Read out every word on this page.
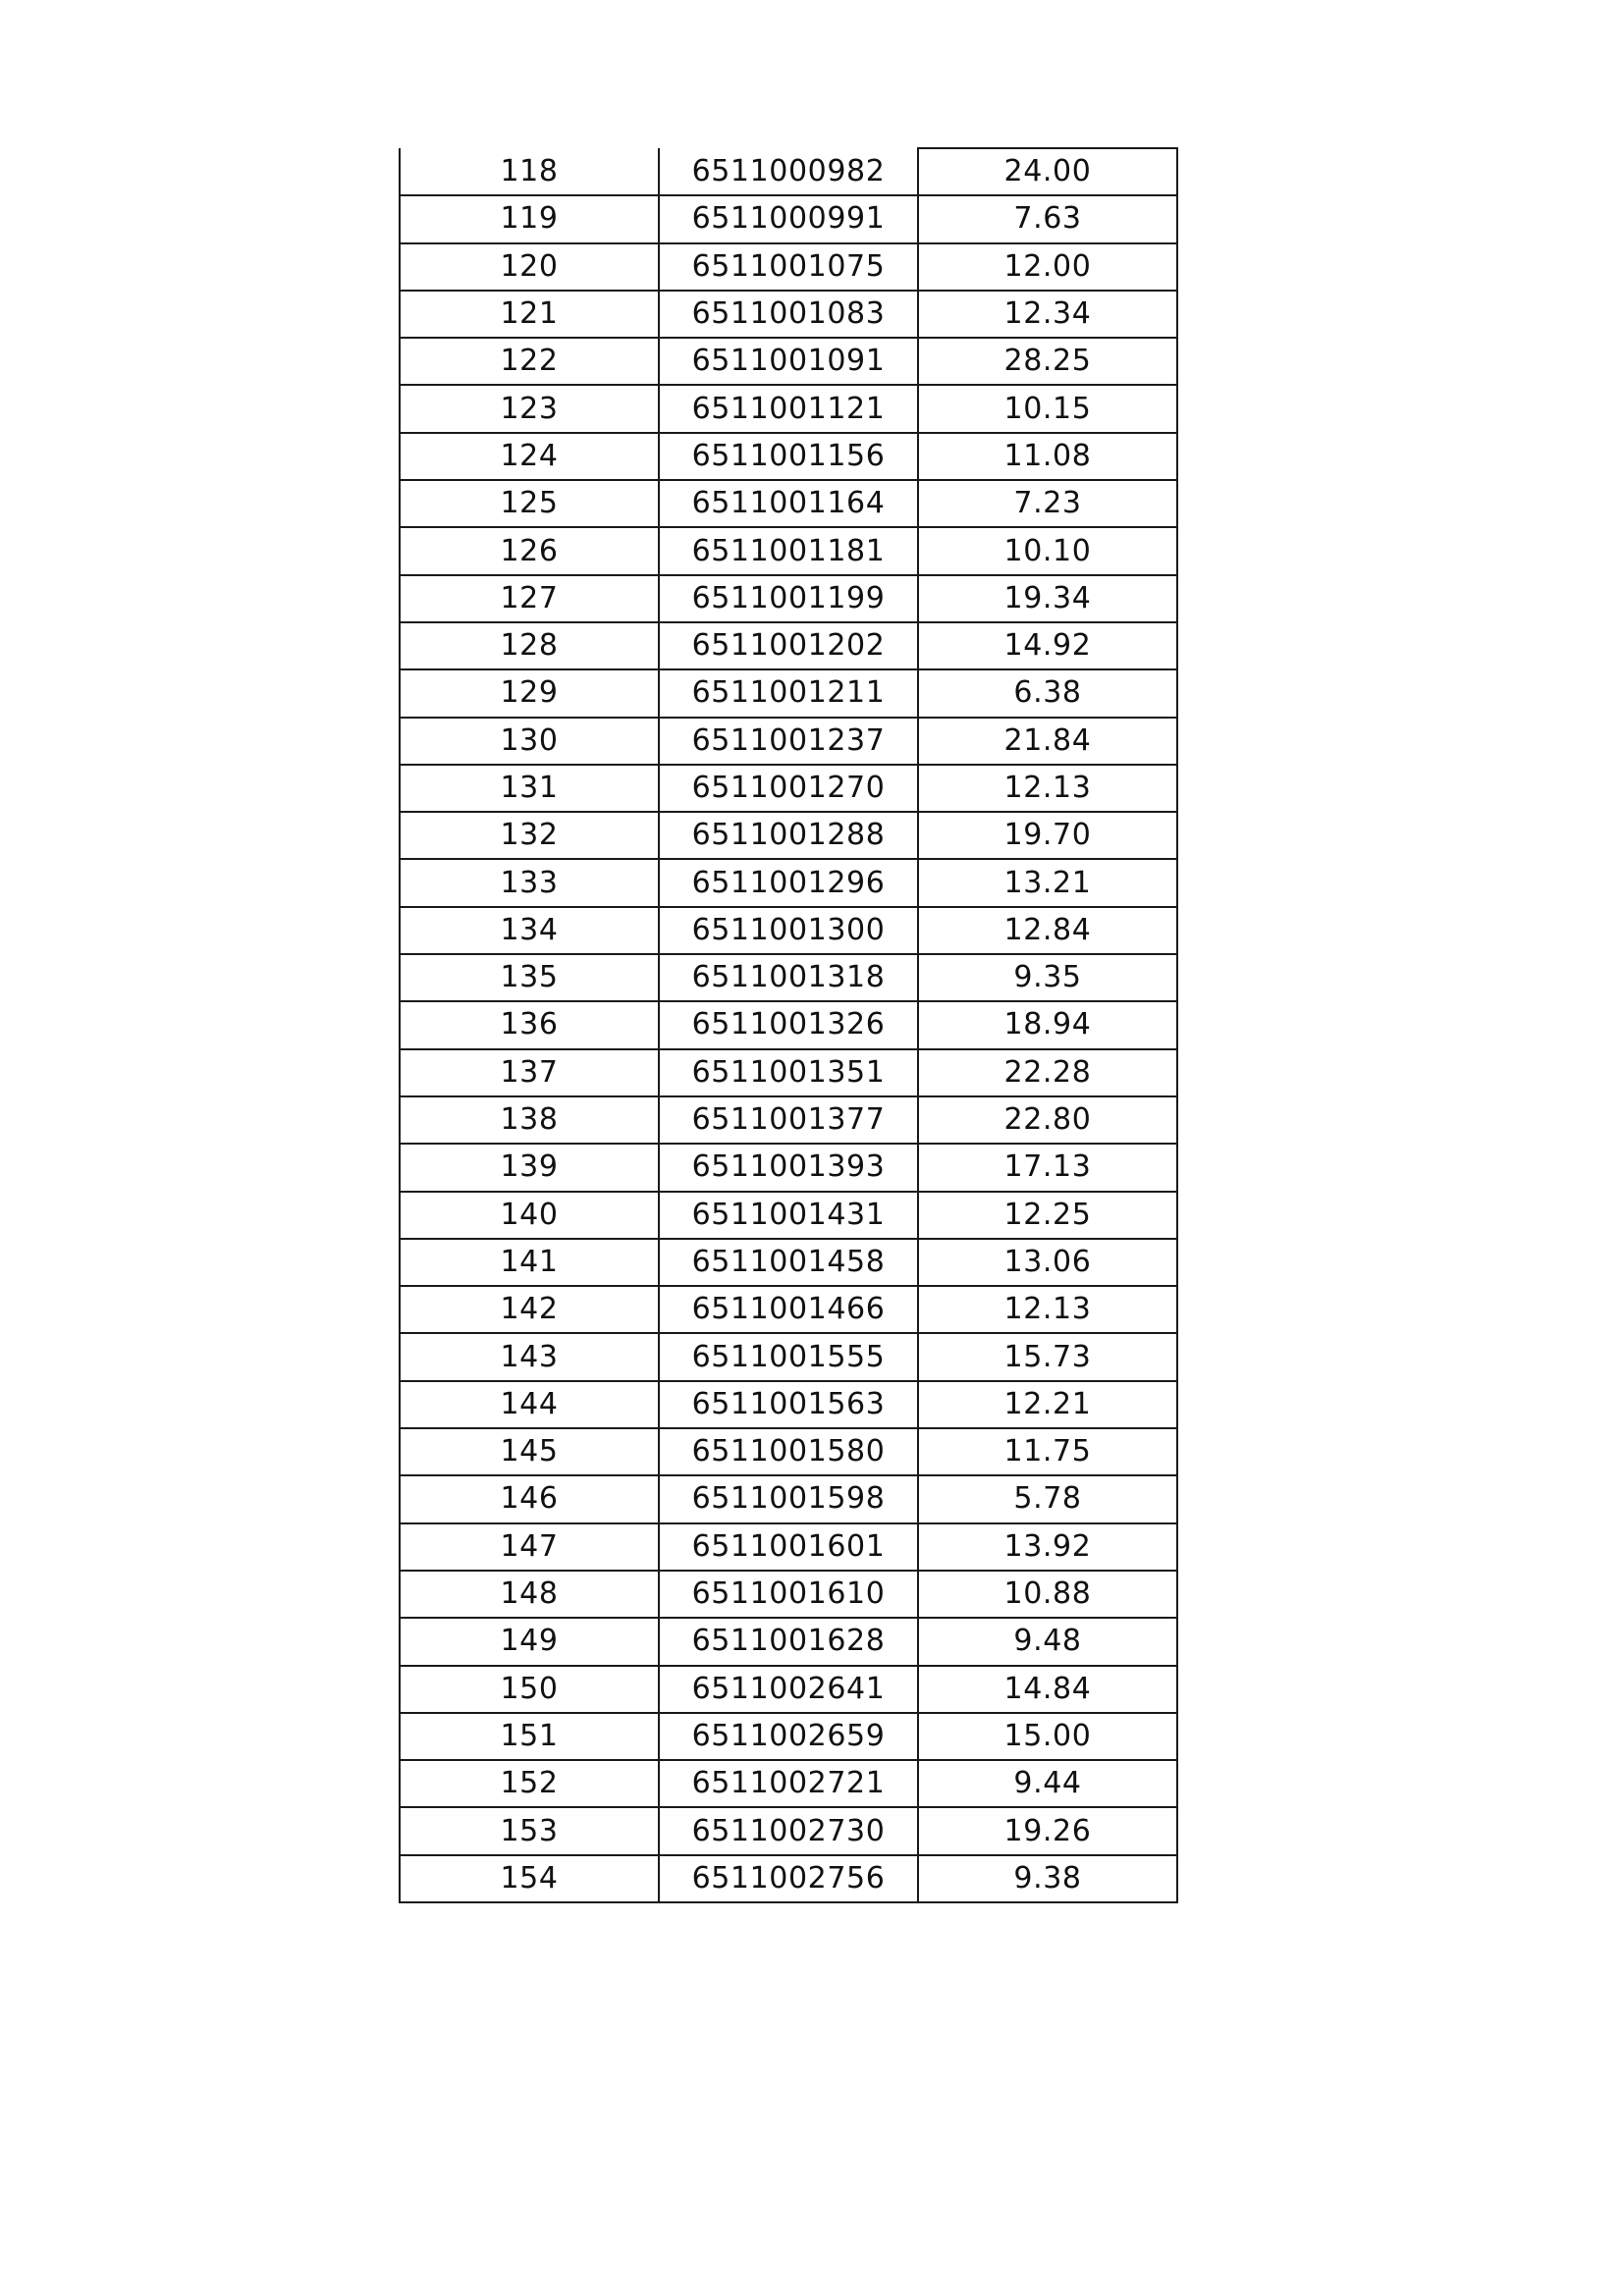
118	6511000982	24.00
119	6511000991	7.63
120	6511001075	12.00
121	6511001083	12.34
122	6511001091	28.25
123	6511001121	10.15
124	6511001156	11.08
125	6511001164	7.23
126	6511001181	10.10
127	6511001199	19.34
128	6511001202	14.92
129	6511001211	6.38
130	6511001237	21.84
131	6511001270	12.13
132	6511001288	19.70
133	6511001296	13.21
134	6511001300	12.84
135	6511001318	9.35
136	6511001326	18.94
137	6511001351	22.28
138	6511001377	22.80
139	6511001393	17.13
140	6511001431	12.25
141	6511001458	13.06
142	6511001466	12.13
143	6511001555	15.73
144	6511001563	12.21
145	6511001580	11.75
146	6511001598	5.78
147	6511001601	13.92
148	6511001610	10.88
149	6511001628	9.48
150	6511002641	14.84
151	6511002659	15.00
152	6511002721	9.44
153	6511002730	19.26
154	6511002756	9.38
